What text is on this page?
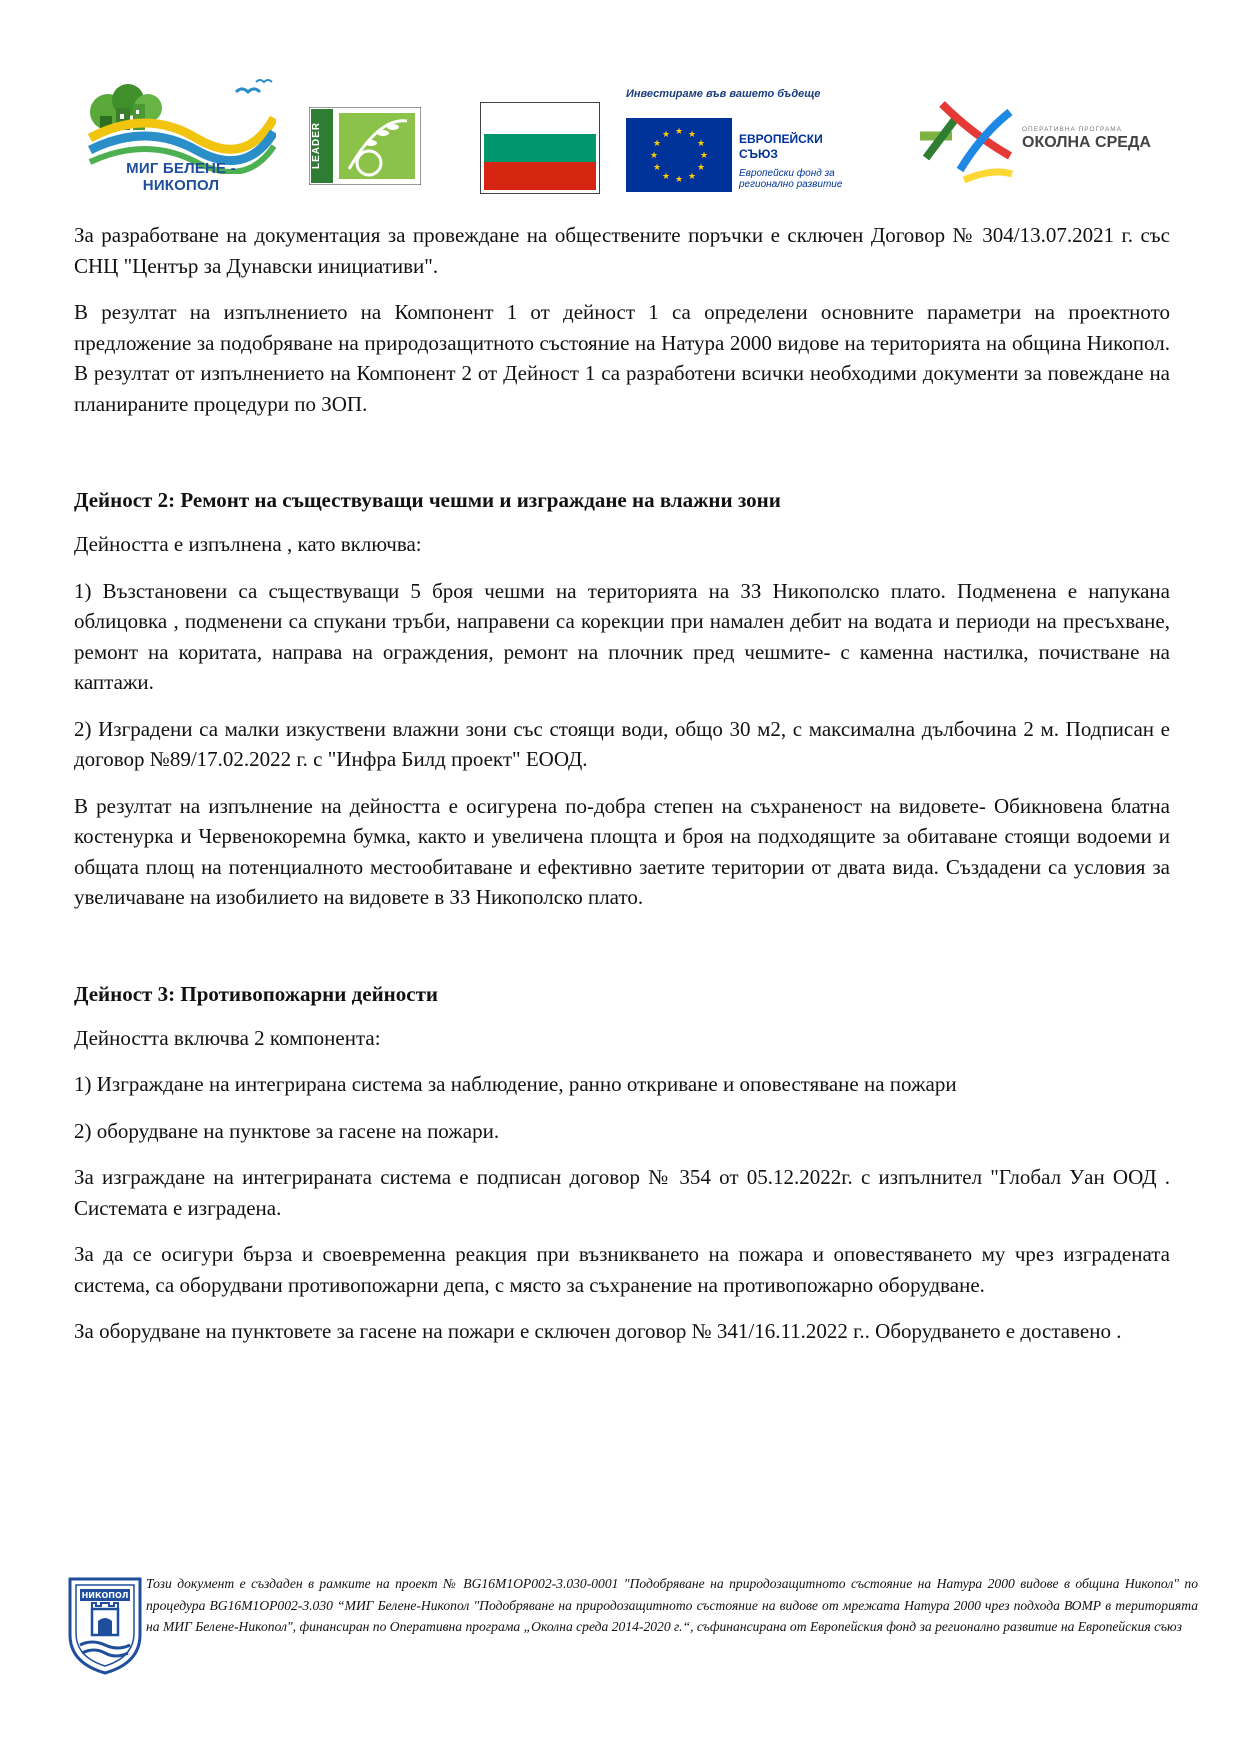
МИГ БЕЛЕНЕ - НИКОПОЛ
LEADER
Инвестираме във вашето бъдеще
★ ★
★
★
★
★
★
★
★
★
★
★	ЕВРОПЕЙСКИ СЪЮЗ
Европейски фонд за регионално развитие
ОПЕРАТИВНА ПРОГРАМА
ОКОЛНА СРЕДА

За разработване на документация за провеждане на обществените поръчки е сключен Договор № 304/13.07.2021 г. със СНЦ "Център за Дунавски инициативи".

В резултат на изпълнението на Компонент 1 от дейност 1 са определени основните параметри на проектното предложение за подобряване на природозащитното състояние на Натура 2000 видове на територията на община Никопол. В резултат от изпълнението на Компонент 2 от Дейност 1 са разработени всички необходими документи за повеждане на планираните процедури по ЗОП.

Дейност 2: Ремонт на съществуващи чешми и изграждане на влажни зони

Дейността е изпълнена , като включва:

1) Възстановени са съществуващи 5 броя чешми на територията на ЗЗ Никополско плато. Подменена е напукана облицовка , подменени са спукани тръби, направени са корекции при намален дебит на водата и периоди на пресъхване, ремонт на коритата, направа на ограждения, ремонт на плочник пред чешмите- с каменна настилка, почистване на каптажи.

2) Изградени са малки изкуствени влажни зони със стоящи води, общо 30 м2, с максимална дълбочина 2 м. Подписан е договор №89/17.02.2022 г. с "Инфра Билд проект" ЕООД.

В резултат на изпълнение на дейността е осигурена по-добра степен на съхраненост на видовете- Обикновена блатна костенурка и Червенокоремна бумка, както и увеличена площта и броя на подходящите за обитаване стоящи водоеми и общата площ на потенциалното местообитаване и ефективно заетите територии от двата вида. Създадени са условия за увеличаване на изобилието на видовете в ЗЗ Никополско плато.

Дейност 3: Противопожарни дейности

Дейността включва 2 компонента:

1) Изграждане на интегрирана система за наблюдение, ранно откриване и оповестяване на пожари

2) оборудване на пунктове за гасене на пожари.

За изграждане на интегрираната система е подписан договор № 354 от 05.12.2022г. с изпълнител "Глобал Уан ООД . Системата е изградена.

За да се осигури бърза и своевременна реакция при възникването на пожара и оповестяването му чрез изградената система, са оборудвани противопожарни депа, с място за съхранение на противопожарно оборудване.

За оборудване на пунктовете за гасене на пожари е сключен договор № 341/16.11.2022 г.. Оборудването е доставено .

НИКОПОЛ
Този документ е създаден в рамките на проект № BG16M1OP002-3.030-0001 "Подобряване на природозащитното състояние на Натура 2000 видове в община Никопол" по процедура BG16M1OP002-3.030 “МИГ Белене-Никопол "Подобряване на природозащитното състояние на видове от мрежата Натура 2000 чрез подхода ВОМР в територията на МИГ Белене-Никопол", финансиран по Оперативна програма „Околна среда 2014-2020 г.“, съфинансирана от Европейския фонд за регионално развитие на Европейския съюз
